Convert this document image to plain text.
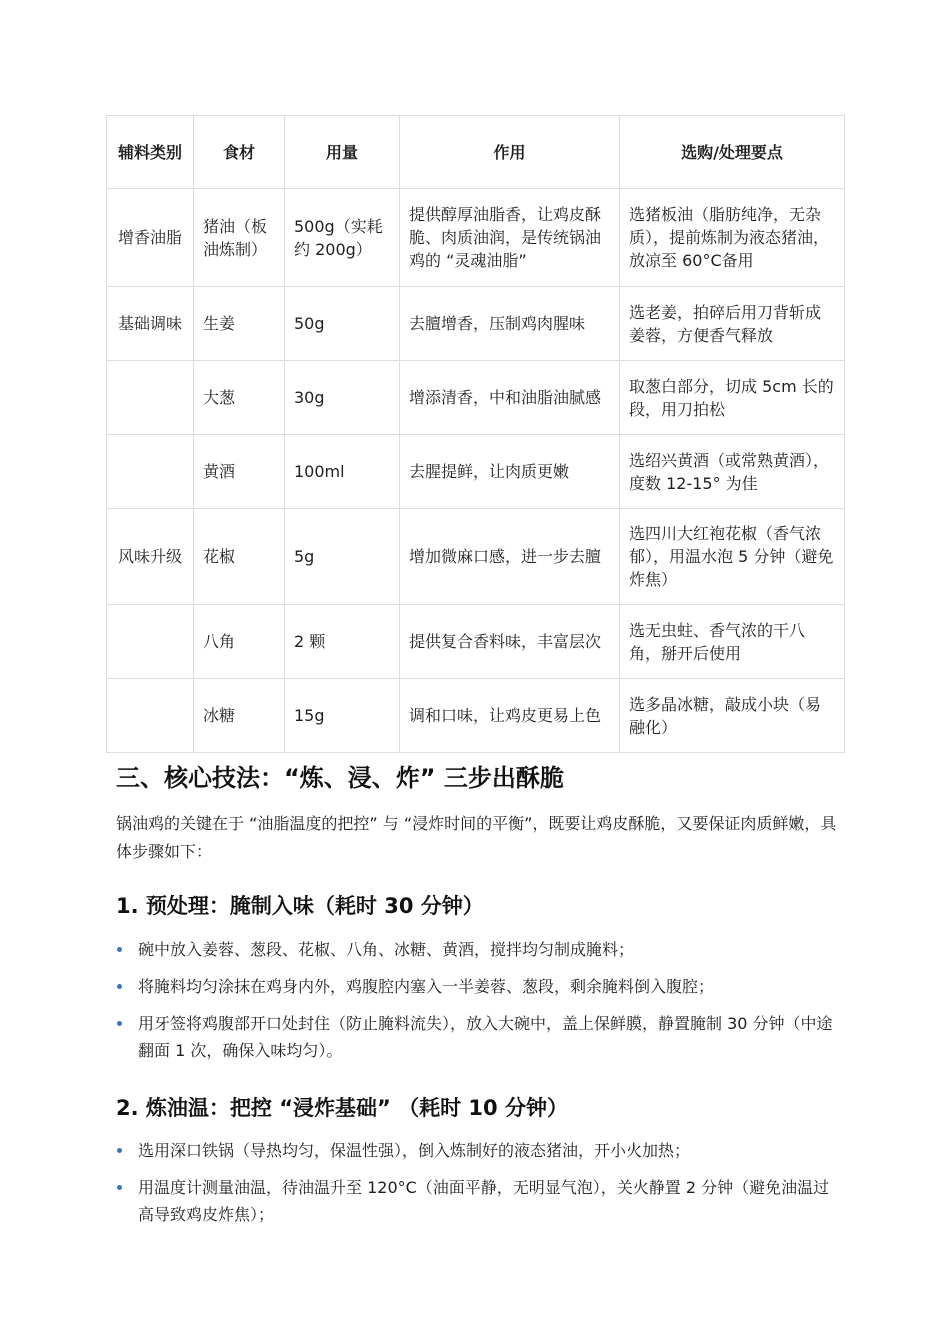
辅料类别	食材	用量	作用	选购/处理要点
增香油脂	猪油（板油炼制）	500g（实耗约 200g）	提供醇厚油脂香，让鸡皮酥脆、肉质油润，是传统锅油鸡的 “灵魂油脂”	选猪板油（脂肪纯净，无杂质），提前炼制为液态猪油，放凉至 60°C备用
基础调味	生姜	50g	去膻增香，压制鸡肉腥味	选老姜，拍碎后用刀背斩成姜蓉，方便香气释放
	大葱	30g	增添清香，中和油脂油腻感	取葱白部分，切成 5cm 长的段，用刀拍松
	黄酒	100ml	去腥提鲜，让肉质更嫩	选绍兴黄酒（或常熟黄酒），度数 12-15° 为佳
风味升级	花椒	5g	增加微麻口感，进一步去膻	选四川大红袍花椒（香气浓郁），用温水泡 5 分钟（避免炸焦）
	八角	2 颗	提供复合香料味，丰富层次	选无虫蛀、香气浓的干八角，掰开后使用
	冰糖	15g	调和口味，让鸡皮更易上色	选多晶冰糖，敲成小块（易融化）
三、核心技法：“炼、浸、炸” 三步出酥脆

锅油鸡的关键在于 “油脂温度的把控” 与 “浸炸时间的平衡”，既要让鸡皮酥脆，又要保证肉质鲜嫩，具体步骤如下：

1. 预处理：腌制入味（耗时 30 分钟）
碗中放入姜蓉、葱段、花椒、八角、冰糖、黄酒，搅拌均匀制成腌料；
将腌料均匀涂抹在鸡身内外，鸡腹腔内塞入一半姜蓉、葱段，剩余腌料倒入腹腔；
用牙签将鸡腹部开口处封住（防止腌料流失），放入大碗中，盖上保鲜膜，静置腌制 30 分钟（中途翻面 1 次，确保入味均匀）。
2. 炼油温：把控 “浸炸基础” （耗时 10 分钟）
选用深口铁锅（导热均匀，保温性强），倒入炼制好的液态猪油，开小火加热；
用温度计测量油温，待油温升至 120°C（油面平静，无明显气泡），关火静置 2 分钟（避免油温过高导致鸡皮炸焦）；
